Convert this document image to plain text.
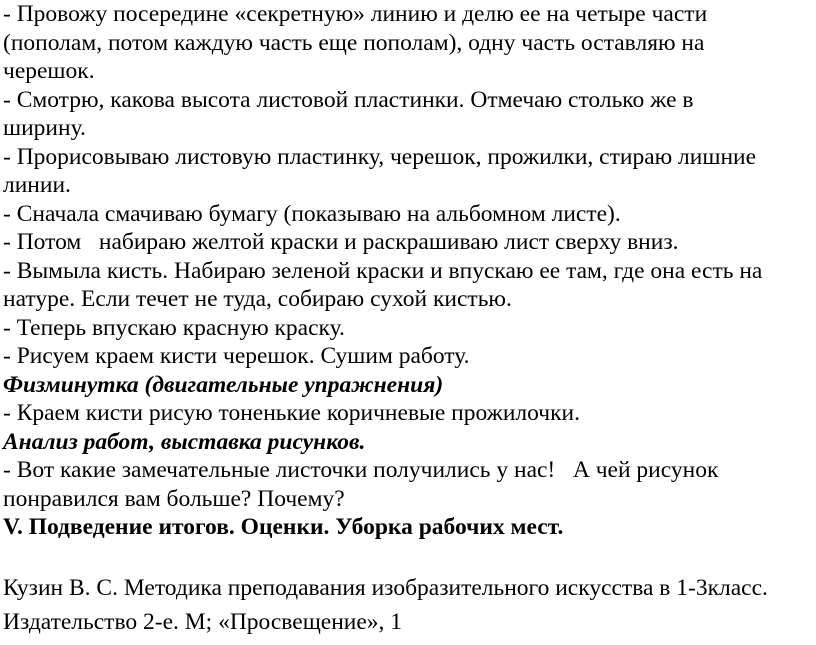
- Провожу посередине «секретную» линию и делю ее на четыре части
(пополам, потом каждую часть еще пополам), одну часть оставляю на
черешок.
- Смотрю, какова высота листовой пластинки. Отмечаю столько же в
ширину.
- Прорисовываю листовую пластинку, черешок, прожилки, стираю лишние
линии.
- Сначала смачиваю бумагу (показываю на альбомном листе).
- Потом   набираю желтой краски и раскрашиваю лист сверху вниз.
- Вымыла кисть. Набираю зеленой краски и впускаю ее там, где она есть на
натуре. Если течет не туда, собираю сухой кистью.
- Теперь впускаю красную краску.
- Рисуем краем кисти черешок. Сушим работу.
Физминутка (двигательные упражнения)
- Краем кисти рисую тоненькие коричневые прожилочки.
Анализ работ, выставка рисунков.
- Вот какие замечательные листочки получились у нас!   А чей рисунок
понравился вам больше? Почему?
V. Подведение итогов. Оценки. Уборка рабочих мест.
Кузин В. С. Методика преподавания изобразительного искусства в 1-3класс.
Издательство 2-е. М; «Просвещение», 1
